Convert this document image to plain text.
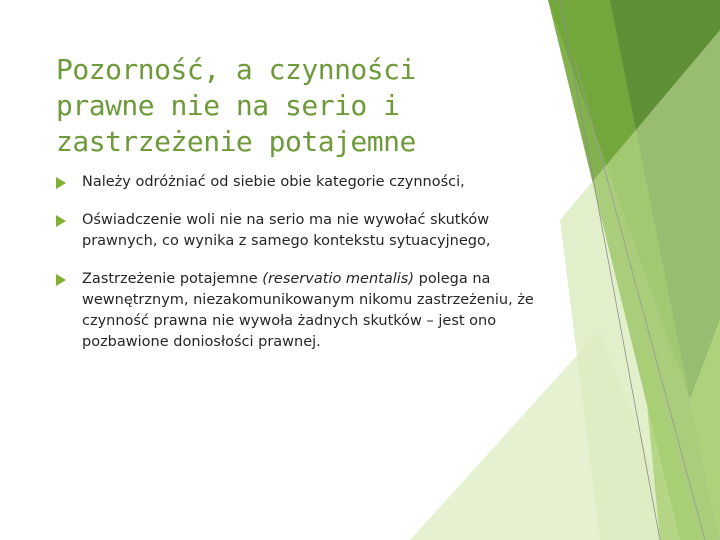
Pozorność, a czynności prawne nie na serio i zastrzeżenie potajemne
Należy odróżniać od siebie obie kategorie czynności,
Oświadczenie woli nie na serio ma nie wywołać skutków prawnych, co wynika z samego kontekstu sytuacyjnego,
Zastrzeżenie potajemne (reservatio mentalis) polega na wewnętrznym, niezakomunikowanym nikomu zastrzeżeniu, że czynność prawna nie wywoła żadnych skutków – jest ono pozbawione doniosłości prawnej.
